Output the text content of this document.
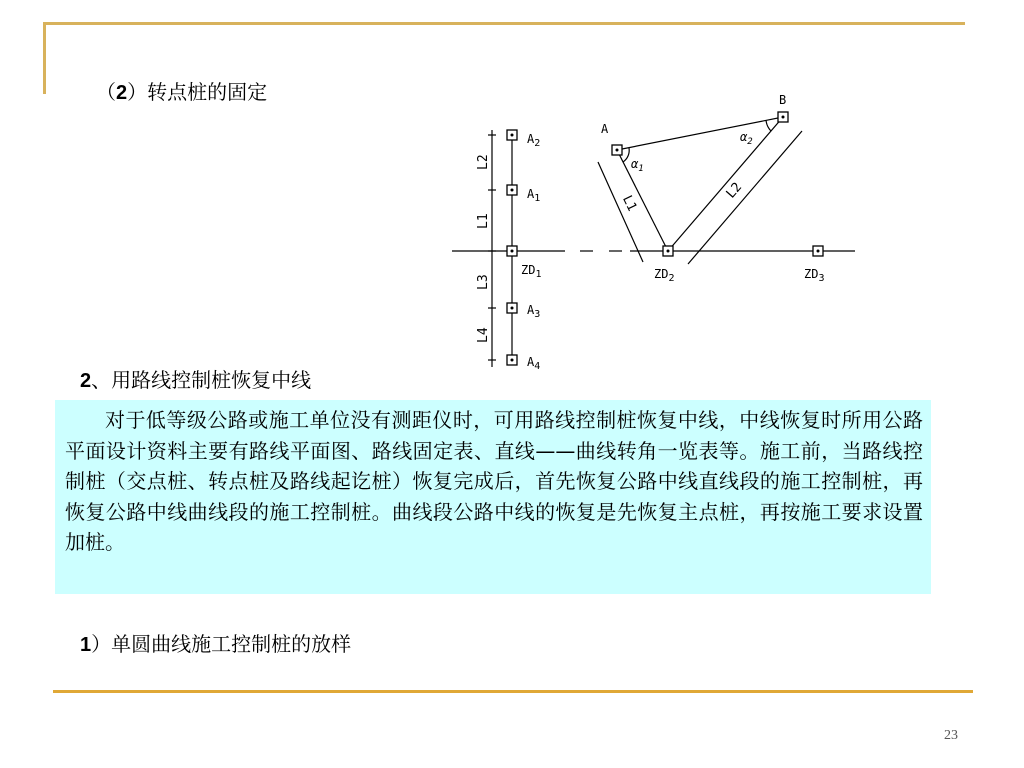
（2）转点桩的固定
$A_2$
$A_1$
$ZD_1$
$A_3$
$A_4$
L2
L1
L3
L4
A
B
$ZD_2$	$ZD_3$
$\alpha_1$
$\alpha_2$
L1
L2
2、用路线控制桩恢复中线
对于低等级公路或施工单位没有测距仪时，可用路线控制桩恢复中线，中线恢复时所用公路平面设计资料主要有路线平面图、路线固定表、直线——曲线转角一览表等。施工前，当路线控制桩（交点桩、转点桩及路线起讫桩）恢复完成后，首先恢复公路中线直线段的施工控制桩，再恢复公路中线曲线段的施工控制桩。曲线段公路中线的恢复是先恢复主点桩，再按施工要求设置加桩。
1）单圆曲线施工控制桩的放样
23
